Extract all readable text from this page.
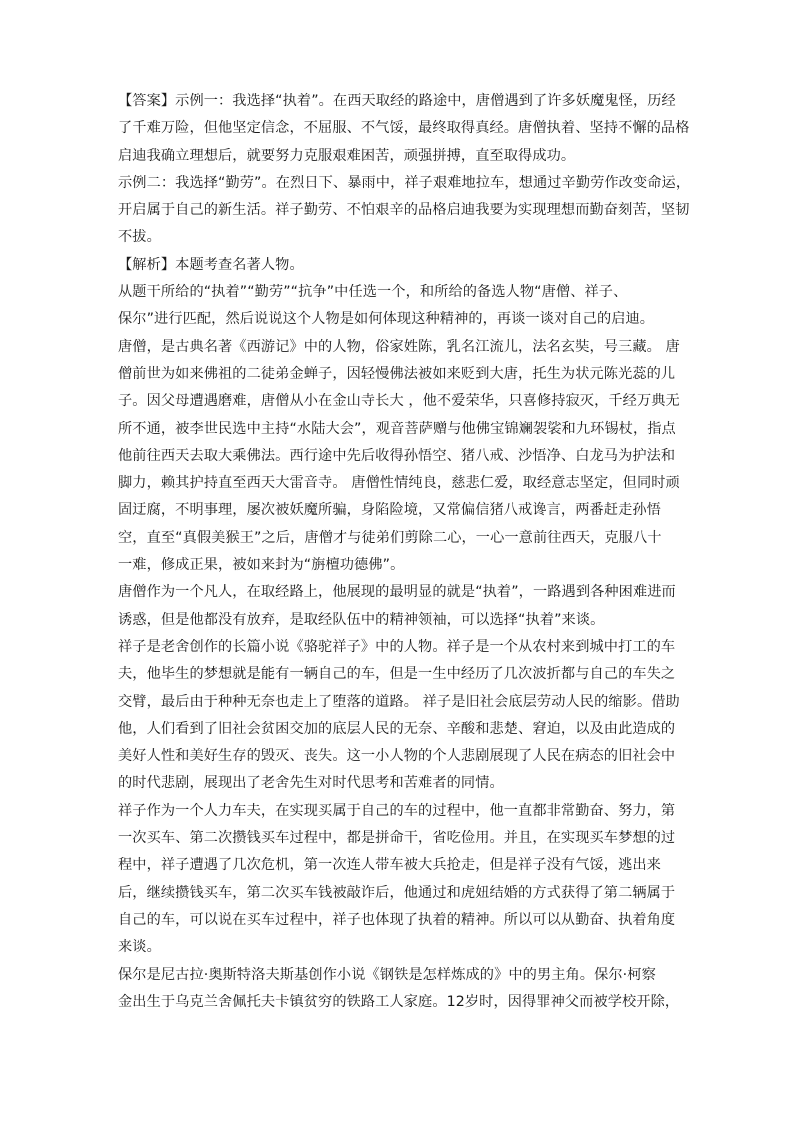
【答案】示例一：我选择“执着”。在西天取经的路途中，唐僧遇到了许多妖魔鬼怪，历经
了千难万险，但他坚定信念，不屈服、不气馁，最终取得真经。唐僧执着、坚持不懈的品格
启迪我确立理想后，就要努力克服艰难困苦，顽强拼搏，直至取得成功。
示例二：我选择“勤劳”。在烈日下、暴雨中，祥子艰难地拉车，想通过辛勤劳作改变命运，
开启属于自己的新生活。祥子勤劳、不怕艰辛的品格启迪我要为实现理想而勤奋刻苦，坚韧
不拔。
【解析】本题考查名著人物。
从题干所给的“执着”“勤劳”“抗争”中任选一个，和所给的备选人物“唐僧、祥子、
保尔”进行匹配，然后说说这个人物是如何体现这种精神的，再谈一谈对自己的启迪。
唐僧，是古典名著《西游记》中的人物，俗家姓陈，乳名江流儿，法名玄奘，号三藏。 唐
僧前世为如来佛祖的二徒弟金蝉子，因轻慢佛法被如来贬到大唐，托生为状元陈光蕊的儿
子。因父母遭遇磨难，唐僧从小在金山寺长大 ，他不爱荣华，只喜修持寂灭，千经万典无
所不通，被李世民选中主持“水陆大会”，观音菩萨赠与他佛宝锦斓袈裟和九环锡杖，指点
他前往西天去取大乘佛法。西行途中先后收得孙悟空、猪八戒、沙悟净、白龙马为护法和
脚力，赖其护持直至西天大雷音寺。 唐僧性情纯良，慈悲仁爱，取经意志坚定，但同时顽
固迂腐，不明事理，屡次被妖魔所骗，身陷险境，又常偏信猪八戒谗言，两番赶走孙悟
空，直至“真假美猴王”之后，唐僧才与徒弟们剪除二心，一心一意前往西天，克服八十
一难，修成正果，被如来封为“旃檀功德佛”。
唐僧作为一个凡人，在取经路上，他展现的最明显的就是“执着”，一路遇到各种困难进而
诱惑，但是他都没有放弃，是取经队伍中的精神领袖，可以选择“执着”来谈。
祥子是老舍创作的长篇小说《骆驼祥子》中的人物。祥子是一个从农村来到城中打工的车
夫，他毕生的梦想就是能有一辆自己的车，但是一生中经历了几次波折都与自己的车失之
交臂，最后由于种种无奈也走上了堕落的道路。 祥子是旧社会底层劳动人民的缩影。借助
他，人们看到了旧社会贫困交加的底层人民的无奈、辛酸和悲楚、窘迫，以及由此造成的
美好人性和美好生存的毁灭、丧失。这一小人物的个人悲剧展现了人民在病态的旧社会中
的时代悲剧，展现出了老舍先生对时代思考和苦难者的同情。
祥子作为一个人力车夫，在实现买属于自己的车的过程中，他一直都非常勤奋、努力，第
一次买车、第二次攒钱买车过程中，都是拼命干，省吃俭用。并且，在实现买车梦想的过
程中，祥子遭遇了几次危机，第一次连人带车被大兵抢走，但是祥子没有气馁，逃出来
后，继续攒钱买车，第二次买车钱被敲诈后，他通过和虎妞结婚的方式获得了第二辆属于
自己的车，可以说在买车过程中，祥子也体现了执着的精神。所以可以从勤奋、执着角度
来谈。
保尔是尼古拉·奥斯特洛夫斯基创作小说《钢铁是怎样炼成的》中的男主角。保尔·柯察
金出生于乌克兰舍佩托夫卡镇贫穷的铁路工人家庭。12岁时，因得罪神父而被学校开除，
